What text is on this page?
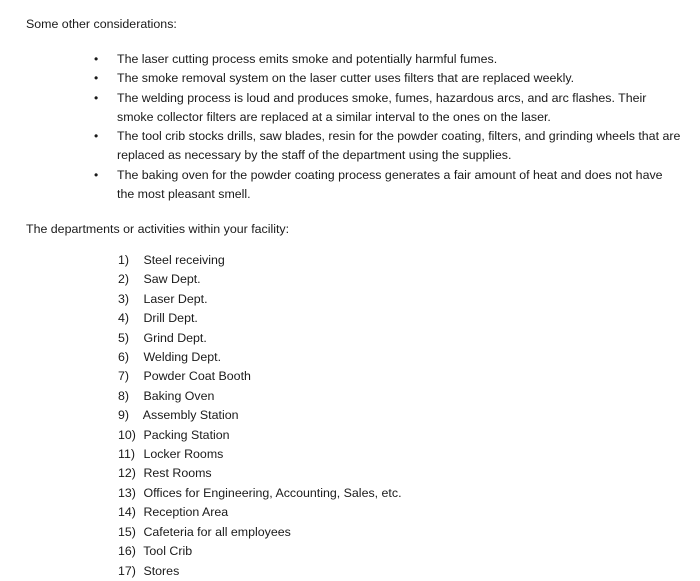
Some other considerations:
• The laser cutting process emits smoke and potentially harmful fumes.
• The smoke removal system on the laser cutter uses filters that are replaced weekly.
• The welding process is loud and produces smoke, fumes, hazardous arcs, and arc flashes. Their smoke collector filters are replaced at a similar interval to the ones on the laser.
• The tool crib stocks drills, saw blades, resin for the powder coating, filters, and grinding wheels that are replaced as necessary by the staff of the department using the supplies.
• The baking oven for the powder coating process generates a fair amount of heat and does not have the most pleasant smell.
The departments or activities within your facility:
1) Steel receiving
2) Saw Dept.
3) Laser Dept.
4) Drill Dept.
5) Grind Dept.
6) Welding Dept.
7) Powder Coat Booth
8) Baking Oven
9) Assembly Station
10) Packing Station
11) Locker Rooms
12) Rest Rooms
13) Offices for Engineering, Accounting, Sales, etc.
14) Reception Area
15) Cafeteria for all employees
16) Tool Crib
17) Stores
